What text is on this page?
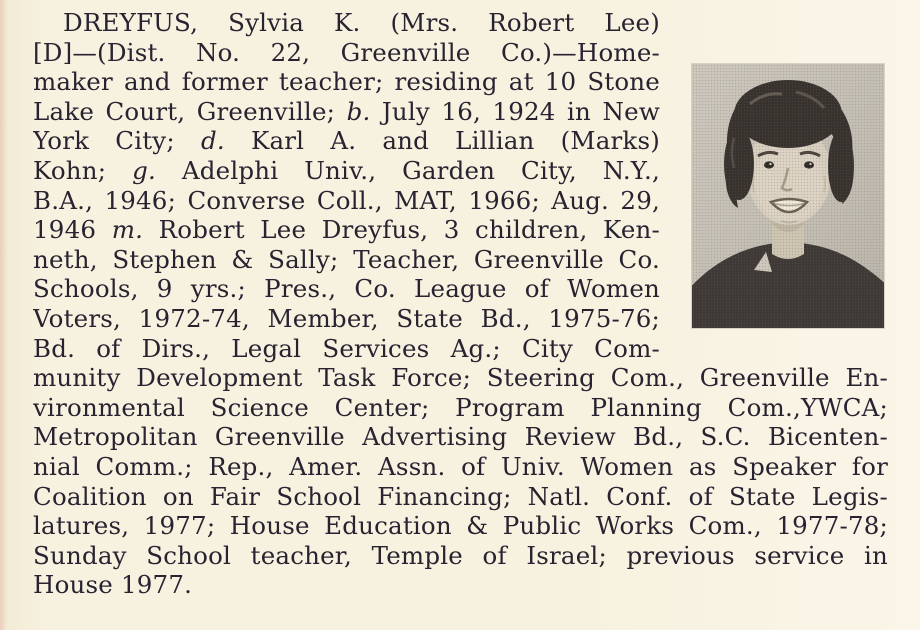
DREYFUS, Sylvia K. (Mrs. Robert Lee)
[D]—(Dist. No. 22, Greenville Co.)—Home-
maker and former teacher; residing at 10 Stone
Lake Court, Greenville; b. July 16, 1924 in New
York City; d. Karl A. and Lillian (Marks)
Kohn; g. Adelphi Univ., Garden City, N.Y.,
B.A., 1946; Converse Coll., MAT, 1966; Aug. 29,
1946 m. Robert Lee Dreyfus, 3 children, Ken-
neth, Stephen & Sally; Teacher, Greenville Co.
Schools, 9 yrs.; Pres., Co. League of Women
Voters, 1972-74, Member, State Bd., 1975-76;
Bd. of Dirs., Legal Services Ag.; City Com-
munity Development Task Force; Steering Com., Greenville En-
vironmental Science Center; Program Planning Com.,YWCA;
Metropolitan Greenville Advertising Review Bd., S.C. Bicenten-
nial Comm.; Rep., Amer. Assn. of Univ. Women as Speaker for
Coalition on Fair School Financing; Natl. Conf. of State Legis-
latures, 1977; House Education & Public Works Com., 1977-78;
Sunday School teacher, Temple of Israel; previous service in
House 1977.
